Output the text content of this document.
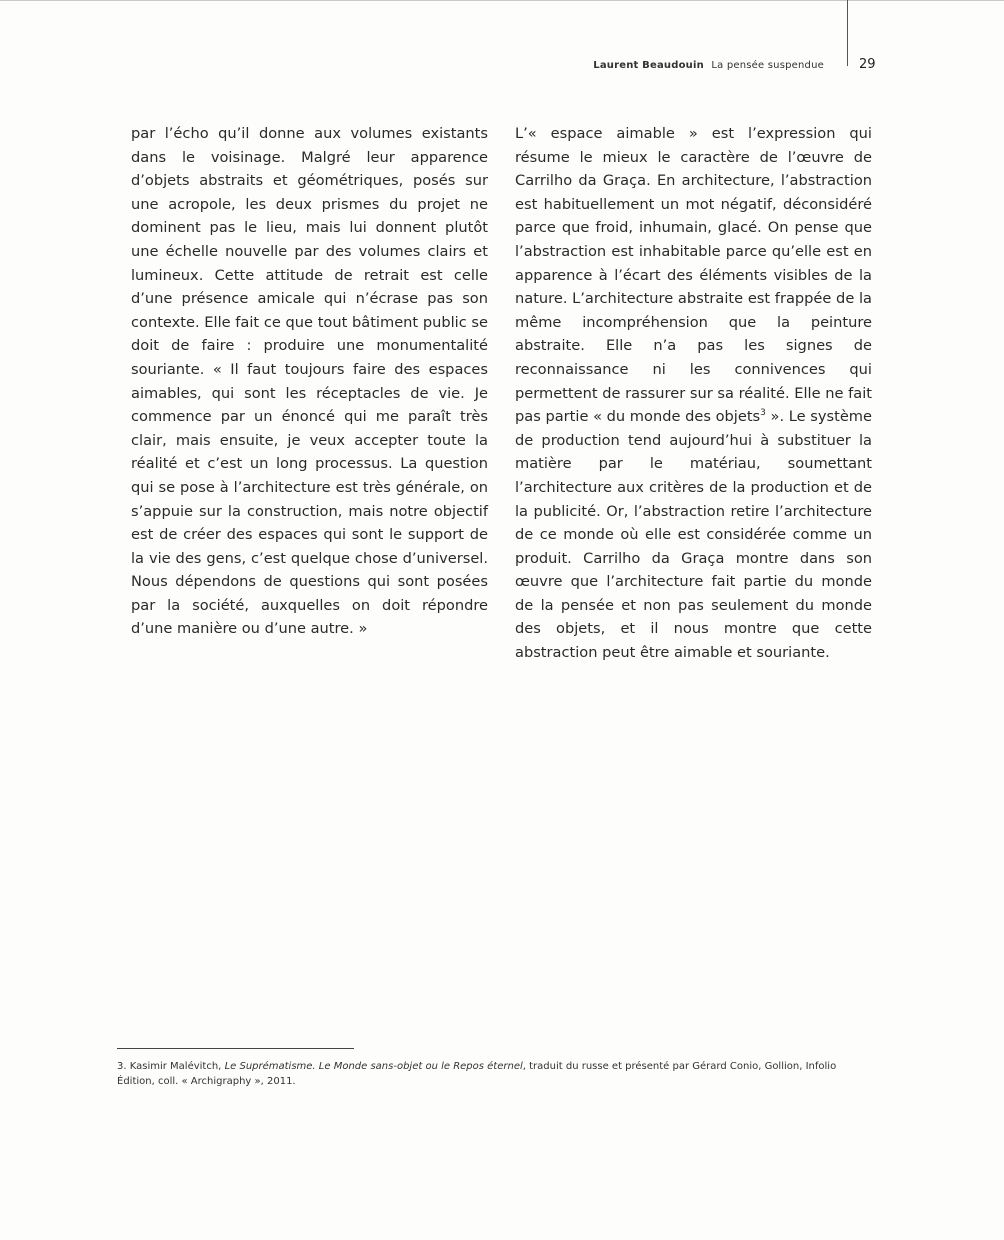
Laurent Beaudouin La pensée suspendue	29

par l’écho qu’il donne aux volumes existants dans le voisinage. Malgré leur apparence d’objets abstraits et géométriques, posés sur une acropole, les deux prismes du projet ne dominent pas le lieu, mais lui donnent plutôt une échelle nouvelle par des volumes clairs et lumineux. Cette attitude de retrait est celle d’une présence amicale qui n’écrase pas son contexte. Elle fait ce que tout bâtiment public se doit de faire : produire une monumentalité souriante. « Il faut toujours faire des espaces aimables, qui sont les réceptacles de vie. Je commence par un énoncé qui me paraît très clair, mais ensuite, je veux accepter toute la réalité et c’est un long processus. La question qui se pose à l’architecture est très générale, on s’appuie sur la construction, mais notre objectif est de créer des espaces qui sont le support de la vie des gens, c’est quelque chose d’universel. Nous dépendons de questions qui sont posées par la société, auxquelles on doit répondre d’une manière ou d’une autre. »

L’« espace aimable » est l’expression qui résume le mieux le caractère de l’œuvre de Carrilho da Graça. En architecture, l’abstraction est habituellement un mot négatif, déconsidéré parce que froid, inhumain, glacé. On pense que l’abstraction est inhabitable parce qu’elle est en apparence à l’écart des éléments visibles de la nature. L’architecture abstraite est frappée de la même incompréhension que la peinture abstraite. Elle n’a pas les signes de reconnaissance ni les connivences qui permettent de rassurer sur sa réalité. Elle ne fait pas partie « du monde des objets$^3$ ». Le système de production tend aujourd’hui à substituer la matière par le matériau, soumettant l’architecture aux critères de la production et de la publicité. Or, l’abstraction retire l’architecture de ce monde où elle est considérée comme un produit. Carrilho da Graça montre dans son œuvre que l’architecture fait partie du monde de la pensée et non pas seulement du monde des objets, et il nous montre que cette abstraction peut être aimable et souriante.

3. Kasimir Malévitch, Le Suprématisme. Le Monde sans-objet ou le Repos éternel, traduit du russe et présenté par Gérard Conio, Gollion, Infolio Édition, coll. « Archigraphy », 2011.
